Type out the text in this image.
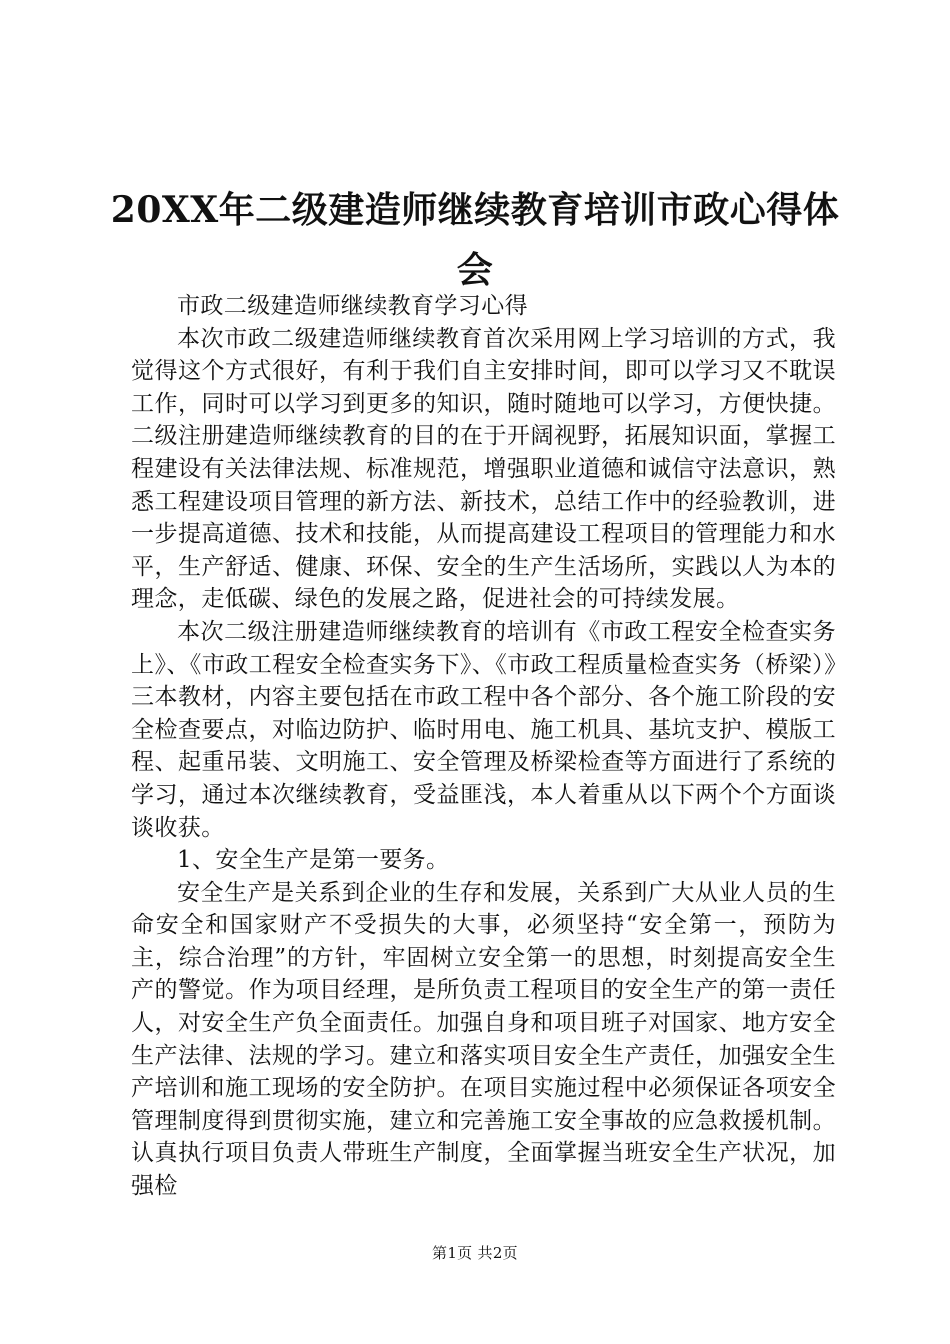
20XX年二级建造师继续教育培训市政心得体会

市政二级建造师继续教育学习心得

本次市政二级建造师继续教育首次采用网上学习培训的方式，我觉得这个方式很好，有利于我们自主安排时间，即可以学习又不耽误工作，同时可以学习到更多的知识，随时随地可以学习，方便快捷。二级注册建造师继续教育的目的在于开阔视野，拓展知识面，掌握工程建设有关法律法规、标准规范，增强职业道德和诚信守法意识，熟悉工程建设项目管理的新方法、新技术，总结工作中的经验教训，进一步提高道德、技术和技能，从而提高建设工程项目的管理能力和水平，生产舒适、健康、环保、安全的生产生活场所，实践以人为本的理念，走低碳、绿色的发展之路，促进社会的可持续发展。

本次二级注册建造师继续教育的培训有《市政工程安全检查实务上》、《市政工程安全检查实务下》、《市政工程质量检查实务（桥梁）》三本教材，内容主要包括在市政工程中各个部分、各个施工阶段的安全检查要点，对临边防护、临时用电、施工机具、基坑支护、模版工程、起重吊装、文明施工、安全管理及桥梁检查等方面进行了系统的学习，通过本次继续教育，受益匪浅，本人着重从以下两个个方面谈谈收获。

1、安全生产是第一要务。

安全生产是关系到企业的生存和发展，关系到广大从业人员的生命安全和国家财产不受损失的大事，必须坚持“安全第一，预防为主，综合治理”的方针，牢固树立安全第一的思想，时刻提高安全生产的警觉。作为项目经理，是所负责工程项目的安全生产的第一责任人，对安全生产负全面责任。加强自身和项目班子对国家、地方安全生产法律、法规的学习。建立和落实项目安全生产责任，加强安全生产培训和施工现场的安全防护。在项目实施过程中必须保证各项安全管理制度得到贯彻实施，建立和完善施工安全事故的应急救援机制。认真执行项目负责人带班生产制度，全面掌握当班安全生产状况，加强检

第1页 共2页
